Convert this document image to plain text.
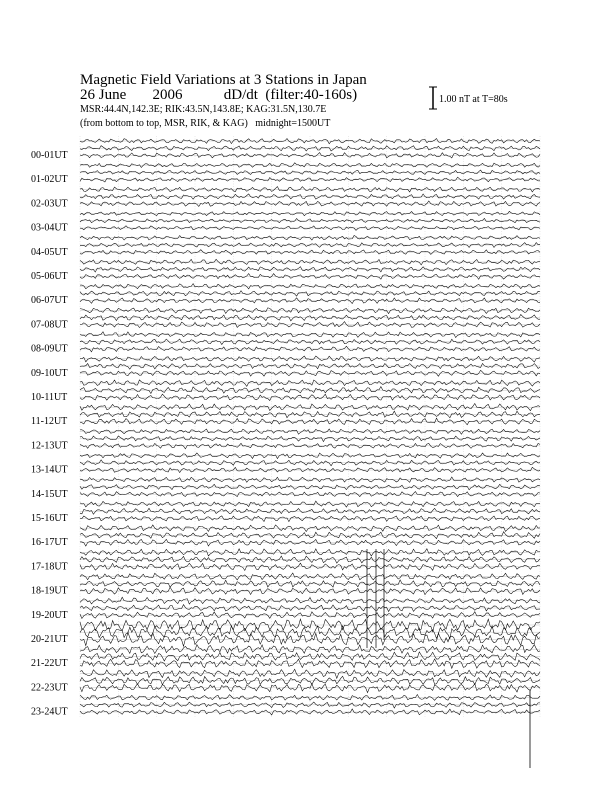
Magnetic Field Variations at 3 Stations in Japan
26 June 2006	dD/dt (filter:40-160s)
MSR:44.4N,142.3E; RIK:43.5N,143.8E; KAG:31.5N,130.7E
(from bottom to top, MSR, RIK, & KAG) midnight=1500UT
1.00 nT at T=80s
00-01UT
01-02UT
02-03UT
03-04UT
04-05UT
05-06UT
06-07UT
07-08UT
08-09UT
09-10UT
10-11UT
11-12UT
12-13UT
13-14UT
14-15UT
15-16UT
16-17UT
17-18UT
18-19UT
19-20UT
20-21UT
21-22UT
22-23UT
23-24UT
